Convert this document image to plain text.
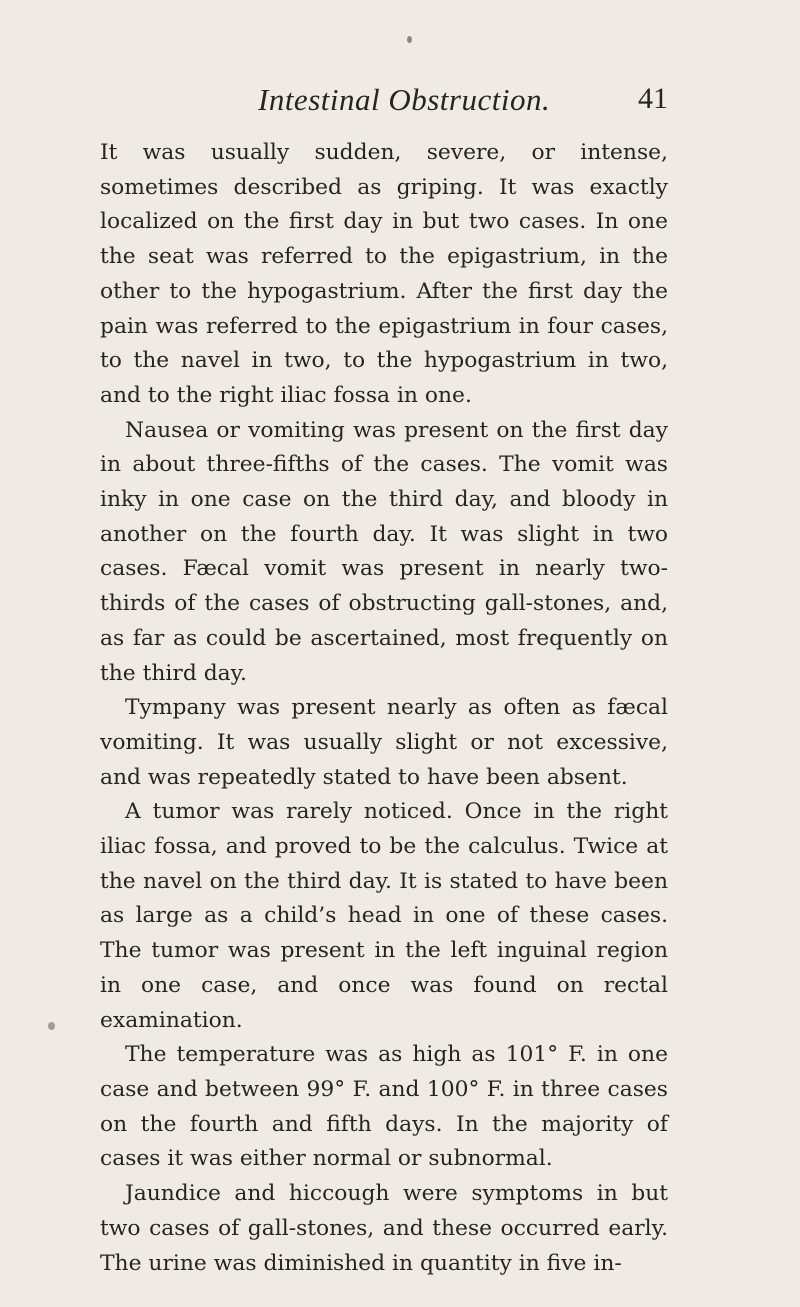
Intestinal Obstruction.	41

It was usually sudden, severe, or intense, sometimes described as griping. It was exactly localized on the first day in but two cases. In one the seat was referred to the epigastrium, in the other to the hypogastrium. After the first day the pain was referred to the epigastrium in four cases, to the navel in two, to the hypogastrium in two, and to the right iliac fossa in one.

Nausea or vomiting was present on the first day in about three-fifths of the cases. The vomit was inky in one case on the third day, and bloody in another on the fourth day. It was slight in two cases. Fæcal vomit was present in nearly two-thirds of the cases of obstructing gall-stones, and, as far as could be ascertained, most frequently on the third day.

Tympany was present nearly as often as fæcal vomiting. It was usually slight or not excessive, and was repeatedly stated to have been absent.

A tumor was rarely noticed. Once in the right iliac fossa, and proved to be the calculus. Twice at the navel on the third day. It is stated to have been as large as a child’s head in one of these cases. The tumor was present in the left inguinal region in one case, and once was found on rectal examination.

The temperature was as high as 101° F. in one case and between 99° F. and 100° F. in three cases on the fourth and fifth days. In the majority of cases it was either normal or subnormal.

Jaundice and hiccough were symptoms in but two cases of gall-stones, and these occurred early. The urine was diminished in quantity in five in-
